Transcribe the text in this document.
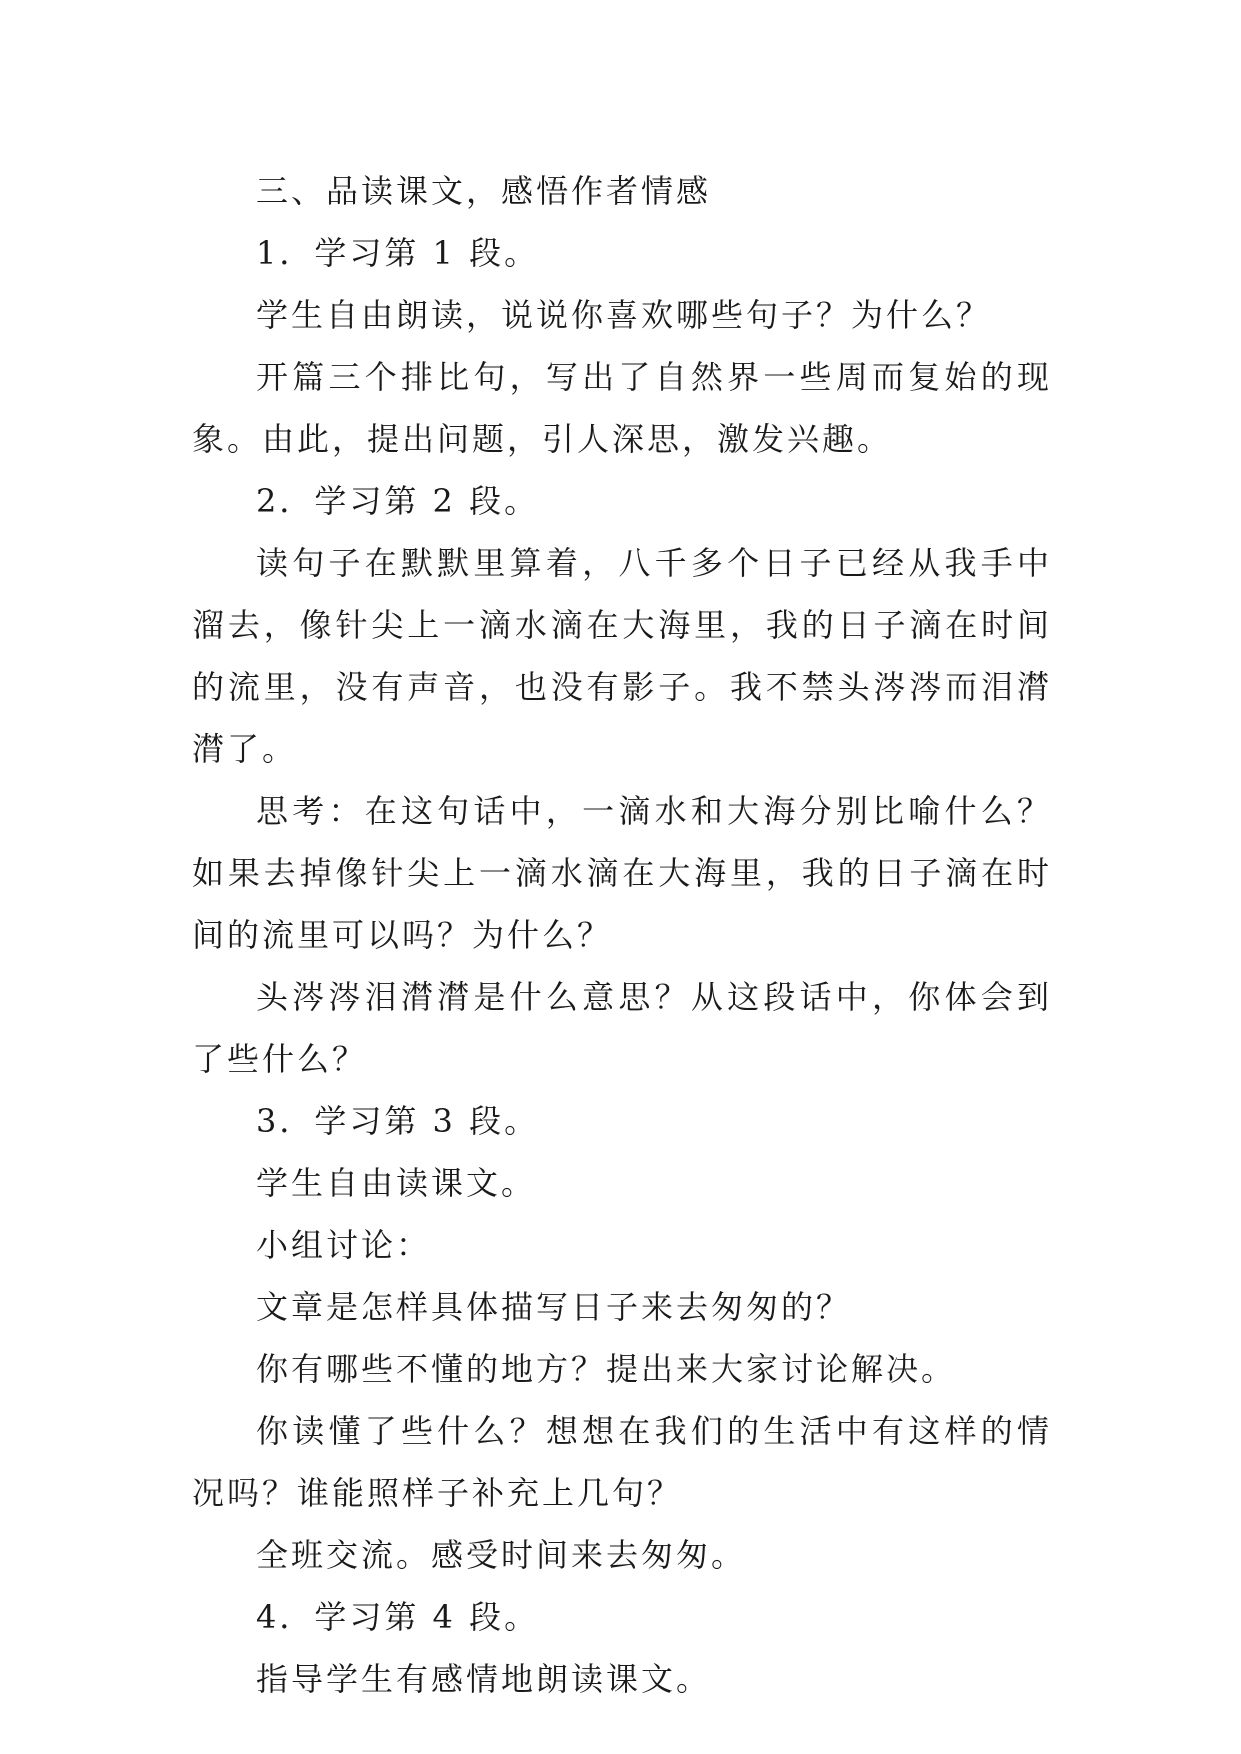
三、品读课文，感悟作者情感

1．学习第 1 段。

学生自由朗读，说说你喜欢哪些句子？为什么？

开篇三个排比句，写出了自然界一些周而复始的现象。由此，提出问题，引人深思，激发兴趣。

2．学习第 2 段。

读句子在默默里算着，八千多个日子已经从我手中溜去，像针尖上一滴水滴在大海里，我的日子滴在时间的流里，没有声音，也没有影子。我不禁头涔涔而泪潸潸了。

思考：在这句话中，一滴水和大海分别比喻什么？如果去掉像针尖上一滴水滴在大海里，我的日子滴在时间的流里可以吗？为什么？

头涔涔泪潸潸是什么意思？从这段话中，你体会到了些什么？

3．学习第 3 段。

学生自由读课文。

小组讨论：

文章是怎样具体描写日子来去匆匆的？

你有哪些不懂的地方？提出来大家讨论解决。

你读懂了些什么？想想在我们的生活中有这样的情况吗？谁能照样子补充上几句？

全班交流。感受时间来去匆匆。

4．学习第 4 段。

指导学生有感情地朗读课文。
